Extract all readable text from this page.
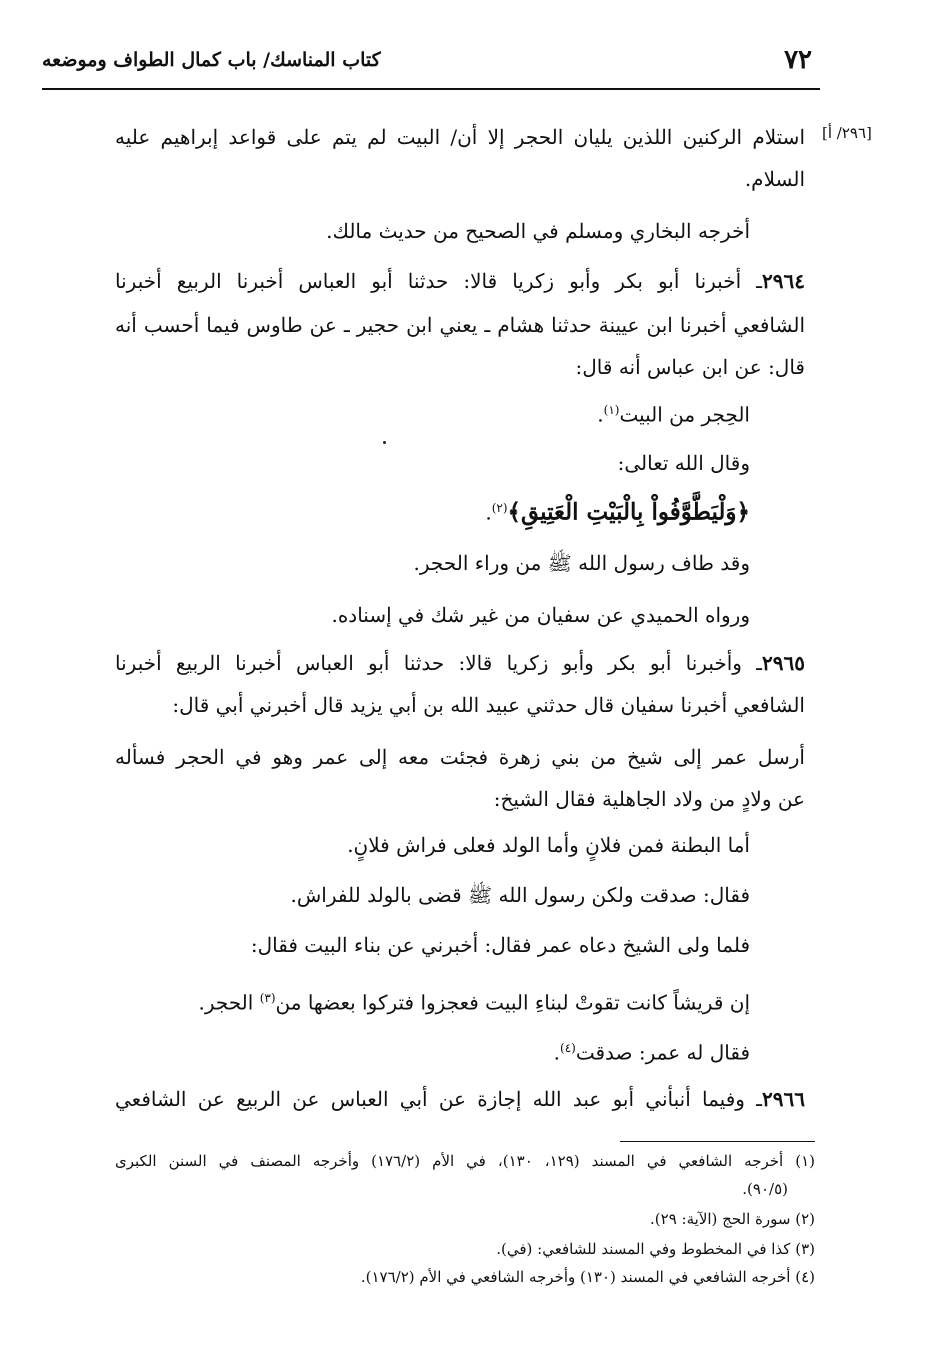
٧٢
كتاب المناسك/ باب كمال الطواف وموضعه
[٢٩٦/ أ]
استلام الركنين اللذين يليان الحجر إلا أن/ البيت لم يتم على قواعد إبراهيم عليه
السلام.
أخرجه البخاري ومسلم في الصحيح من حديث مالك.
٢٩٦٤ـ أخبرنا أبو بكر وأبو زكريا قالا: حدثنا أبو العباس أخبرنا الربيع أخبرنا
الشافعي أخبرنا ابن عيينة حدثنا هشام ـ يعني ابن حجير ـ عن طاوس فيما أحسب أنه
قال: عن ابن عباس أنه قال:
الحِجر من البيت$^{(١)}$.
وقال الله تعالى:
﴿وَلْيَطَّوَّفُواْ بِالْبَيْتِ الْعَتِيقِ﴾$^{(٢)}$.
وقد طاف رسول الله ﷺ من وراء الحجر.
ورواه الحميدي عن سفيان من غير شك في إسناده.
٢٩٦٥ـ وأخبرنا أبو بكر وأبو زكريا قالا: حدثنا أبو العباس أخبرنا الربيع أخبرنا
الشافعي أخبرنا سفيان قال حدثني عبيد الله بن أبي يزيد قال أخبرني أبي قال:
أرسل عمر إلى شيخ من بني زهرة فجئت معه إلى عمر وهو في الحجر فسأله
عن ولادٍ من ولاد الجاهلية فقال الشيخ:
أما البطنة فمن فلانٍ وأما الولد فعلى فراش فلانٍ.
فقال: صدقت ولكن رسول الله ﷺ قضى بالولد للفراش.
فلما ولى الشيخ دعاه عمر فقال: أخبرني عن بناء البيت فقال:
إن قريشاً كانت تقوتْ لبناءِ البيت فعجزوا فتركوا بعضها من$^{(٣)}$ الحجر.
فقال له عمر: صدقت$^{(٤)}$.
٢٩٦٦ـ وفيما أنبأني أبو عبد الله إجازة عن أبي العباس عن الربيع عن الشافعي
(١) أخرجه الشافعي في المسند (١٢٩، ١٣٠)، في الأم (١٧٦/٢) وأخرجه المصنف في السنن الكبرى
(٩٠/٥).
(٢) سورة الحج (الآية: ٢٩).
(٣) كذا في المخطوط وفي المسند للشافعي: (في).
(٤) أخرجه الشافعي في المسند (١٣٠) وأخرجه الشافعي في الأم (١٧٦/٢).
